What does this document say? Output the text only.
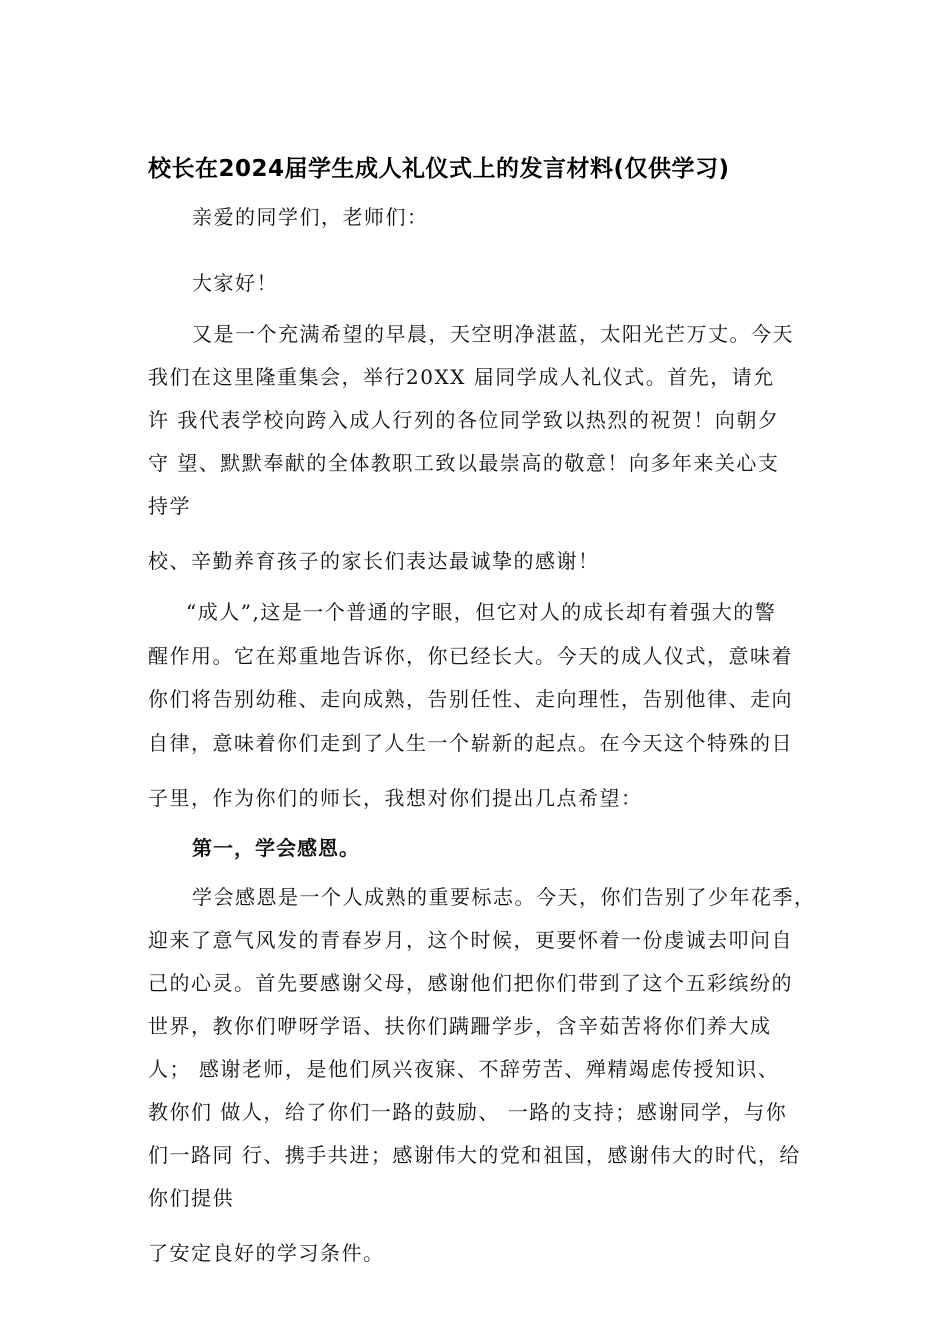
校长在2024届学生成人礼仪式上的发言材料(仅供学习)
亲爱的同学们，老师们：
大家好！
又是一个充满希望的早晨，天空明净湛蓝，太阳光芒万丈。今天
我们在这里隆重集会，举行20XX 届同学成人礼仪式。首先，请允
许 我代表学校向跨入成人行列的各位同学致以热烈的祝贺！向朝夕
守 望、默默奉献的全体教职工致以最崇高的敬意！向多年来关心支
持学
校、辛勤养育孩子的家长们表达最诚挚的感谢！
“成人”,这是一个普通的字眼，但它对人的成长却有着强大的警
醒作用。它在郑重地告诉你，你已经长大。今天的成人仪式，意味着
你们将告别幼稚、走向成熟，告别任性、走向理性，告别他律、走向
自律，意味着你们走到了人生一个崭新的起点。在今天这个特殊的日
子里，作为你们的师长，我想对你们提出几点希望：
第一，学会感恩。
学会感恩是一个人成熟的重要标志。今天，你们告别了少年花季，
迎来了意气风发的青春岁月，这个时候，更要怀着一份虔诚去叩问自
己的心灵。首先要感谢父母，感谢他们把你们带到了这个五彩缤纷的
世界，教你们咿呀学语、扶你们蹒跚学步，含辛茹苦将你们养大成
人； 感谢老师，是他们夙兴夜寐、不辞劳苦、殚精竭虑传授知识、
教你们 做人，给了你们一路的鼓励、 一路的支持；感谢同学，与你
们一路同 行、携手共进；感谢伟大的党和祖国，感谢伟大的时代，给
你们提供
了安定良好的学习条件。
